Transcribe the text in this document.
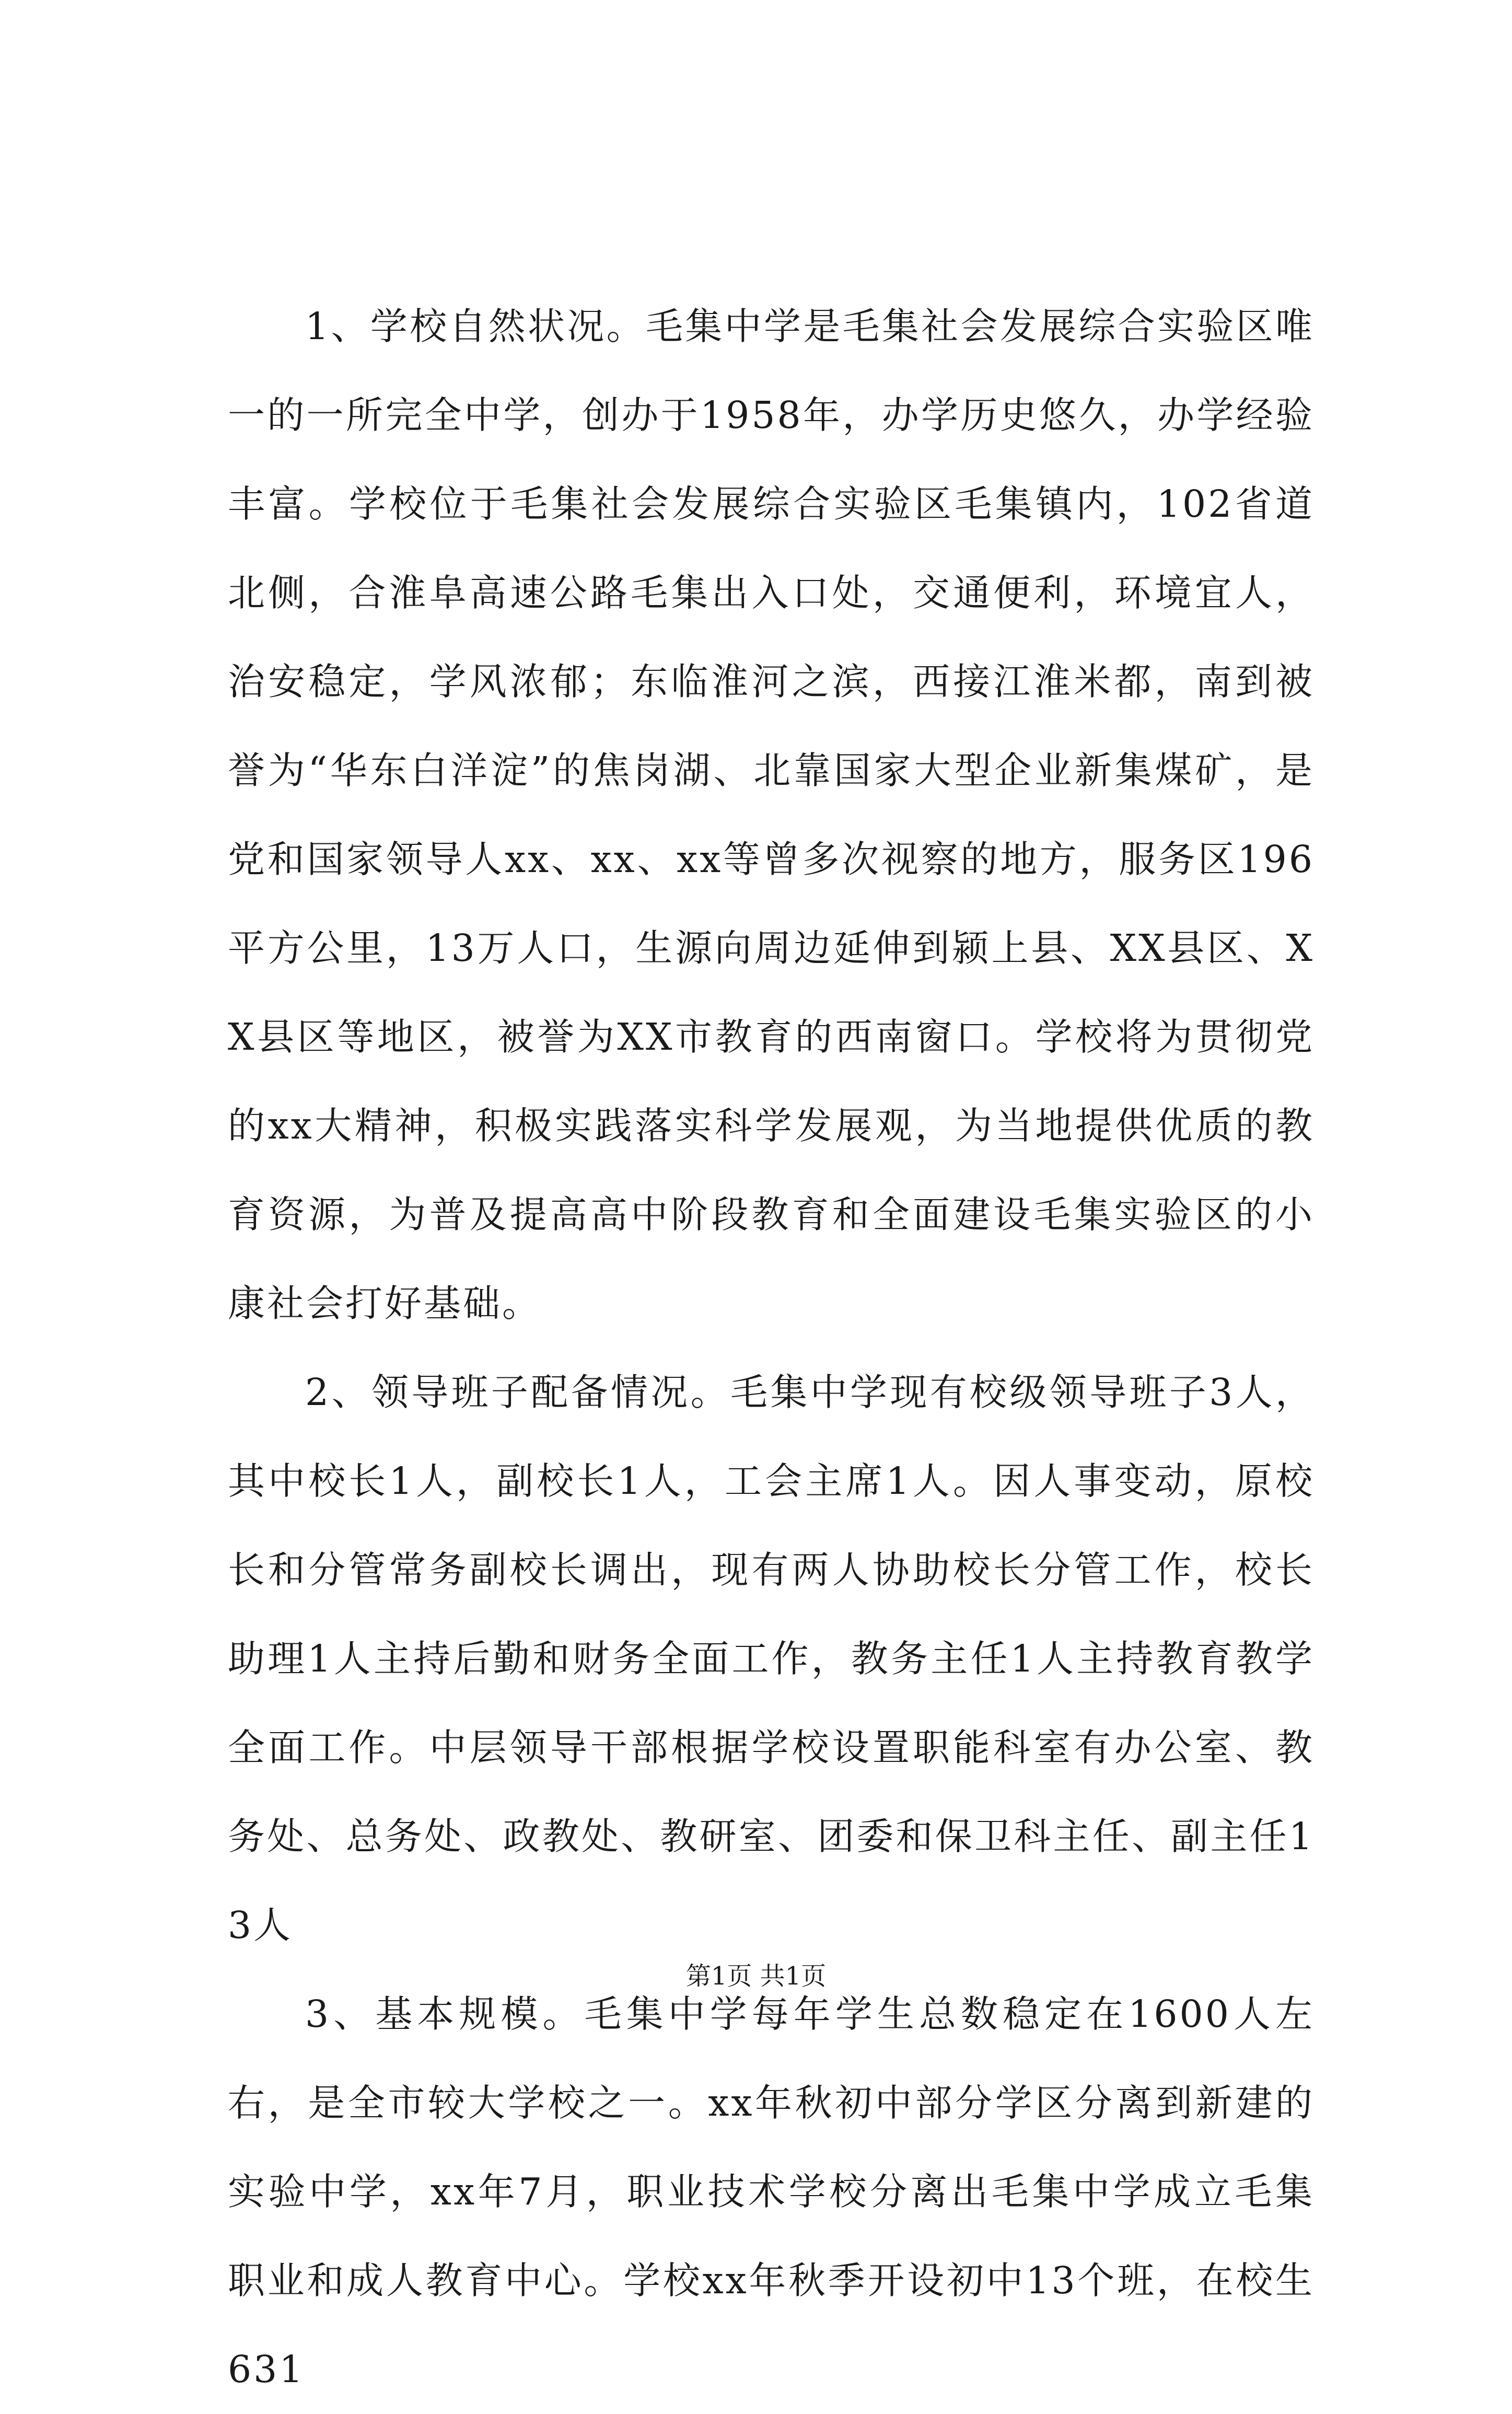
1、学校自然状况。毛集中学是毛集社会发展综合实验区唯一的一所完全中学，创办于1958年，办学历史悠久，办学经验丰富。学校位于毛集社会发展综合实验区毛集镇内，102省道北侧，合淮阜高速公路毛集出入口处，交通便利，环境宜人，治安稳定，学风浓郁；东临淮河之滨，西接江淮米都，南到被誉为“华东白洋淀”的焦岗湖、北靠国家大型企业新集煤矿，是党和国家领导人xx、xx、xx等曾多次视察的地方，服务区196平方公里，13万人口，生源向周边延伸到颍上县、XX县区、XX县区等地区，被誉为XX市教育的西南窗口。学校将为贯彻党的xx大精神，积极实践落实科学发展观，为当地提供优质的教育资源，为普及提高高中阶段教育和全面建设毛集实验区的小康社会打好基础。

2、领导班子配备情况。毛集中学现有校级领导班子3人，其中校长1人，副校长1人，工会主席1人。因人事变动，原校长和分管常务副校长调出，现有两人协助校长分管工作，校长助理1人主持后勤和财务全面工作，教务主任1人主持教育教学全面工作。中层领导干部根据学校设置职能科室有办公室、教务处、总务处、政教处、教研室、团委和保卫科主任、副主任13人

3、基本规模。毛集中学每年学生总数稳定在1600人左右，是全市较大学校之一。xx年秋初中部分学区分离到新建的实验中学，xx年7月，职业技术学校分离出毛集中学成立毛集职业和成人教育中心。学校xx年秋季开设初中13个班，在校生631

第1页 共1页
